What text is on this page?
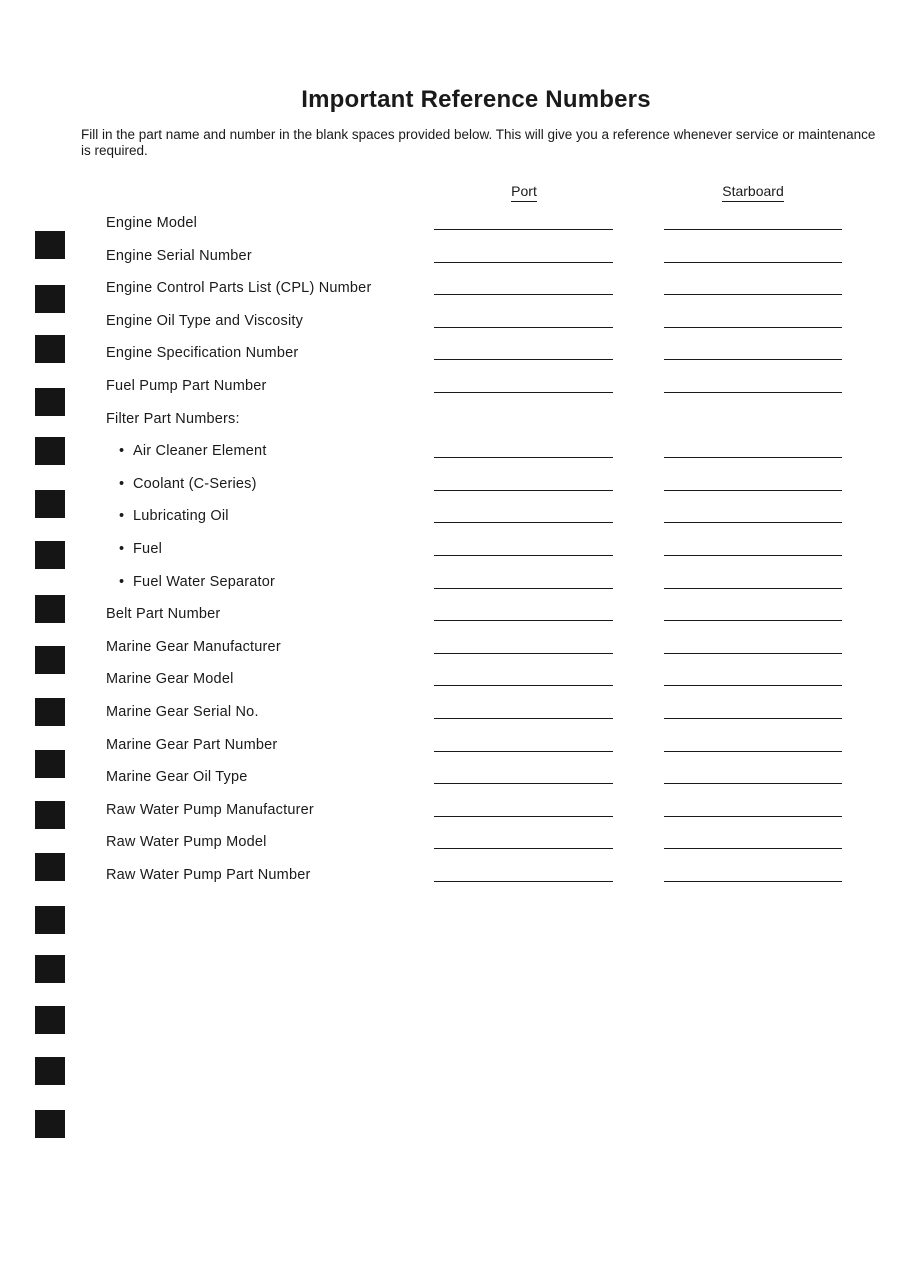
Important Reference Numbers
Fill in the part name and number in the blank spaces provided below. This will give you a reference whenever service or maintenance is required.
Port	Starboard
Engine Model
Engine Serial Number
Engine Control Parts List (CPL) Number
Engine Oil Type and Viscosity
Engine Specification Number
Fuel Pump Part Number
Filter Part Numbers:
• Air Cleaner Element
• Coolant (C-Series)
• Lubricating Oil
• Fuel
• Fuel Water Separator
Belt Part Number
Marine Gear Manufacturer
Marine Gear Model
Marine Gear Serial No.
Marine Gear Part Number
Marine Gear Oil Type
Raw Water Pump Manufacturer
Raw Water Pump Model
Raw Water Pump Part Number
